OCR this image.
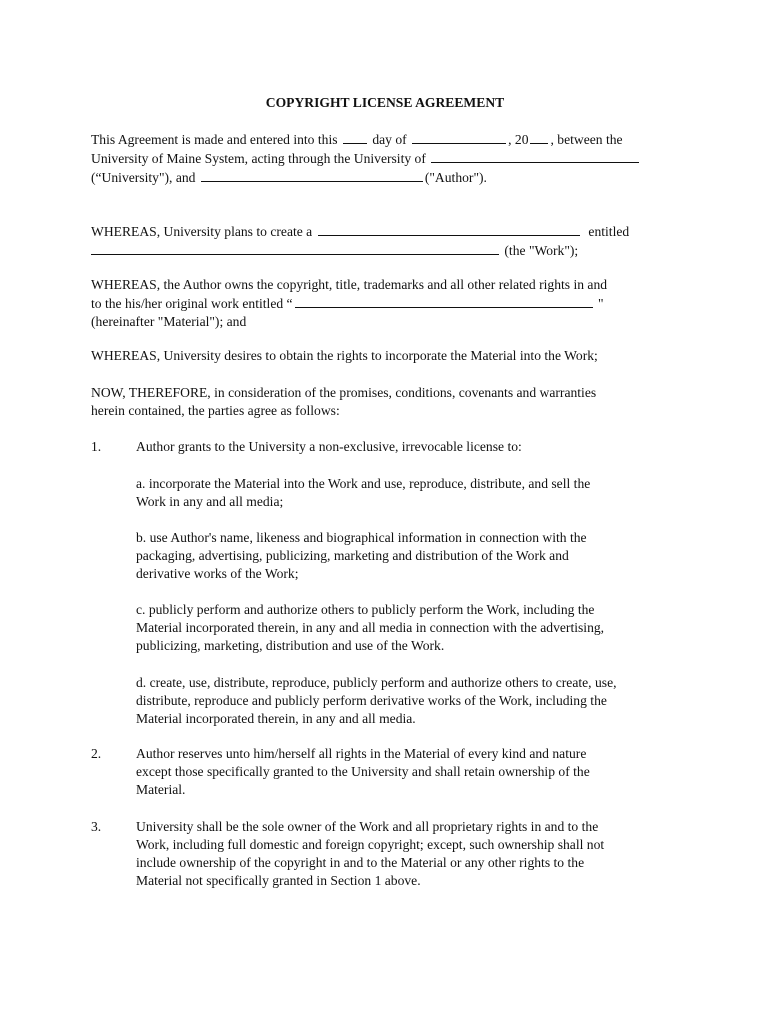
COPYRIGHT LICENSE AGREEMENT
This Agreement is made and entered into this	day of	, 20 , between the
University of Maine System, acting through the University of
(“University"), and	("Author").
WHEREAS, University plans to create a	entitled
(the "Work");
WHEREAS, the Author owns the copyright, title, trademarks and all other related rights in and
to the his/her original work entitled “	"
(hereinafter "Material"); and
WHEREAS, University desires to obtain the rights to incorporate the Material into the Work;
NOW, THEREFORE, in consideration of the promises, conditions, covenants and warranties
herein contained, the parties agree as follows:
1.	Author grants to the University a non-exclusive, irrevocable license to:
a. incorporate the Material into the Work and use, reproduce, distribute, and sell the
Work in any and all media;
b. use Author's name, likeness and biographical information in connection with the
packaging, advertising, publicizing, marketing and distribution of the Work and
derivative works of the Work;
c. publicly perform and authorize others to publicly perform the Work, including the
Material incorporated therein, in any and all media in connection with the advertising,
publicizing, marketing, distribution and use of the Work.
d. create, use, distribute, reproduce, publicly perform and authorize others to create, use,
distribute, reproduce and publicly perform derivative works of the Work, including the
Material incorporated therein, in any and all media.
2.	Author reserves unto him/herself all rights in the Material of every kind and nature
except those specifically granted to the University and shall retain ownership of the
Material.
3.	University shall be the sole owner of the Work and all proprietary rights in and to the
Work, including full domestic and foreign copyright; except, such ownership shall not
include ownership of the copyright in and to the Material or any other rights to the
Material not specifically granted in Section 1 above.
